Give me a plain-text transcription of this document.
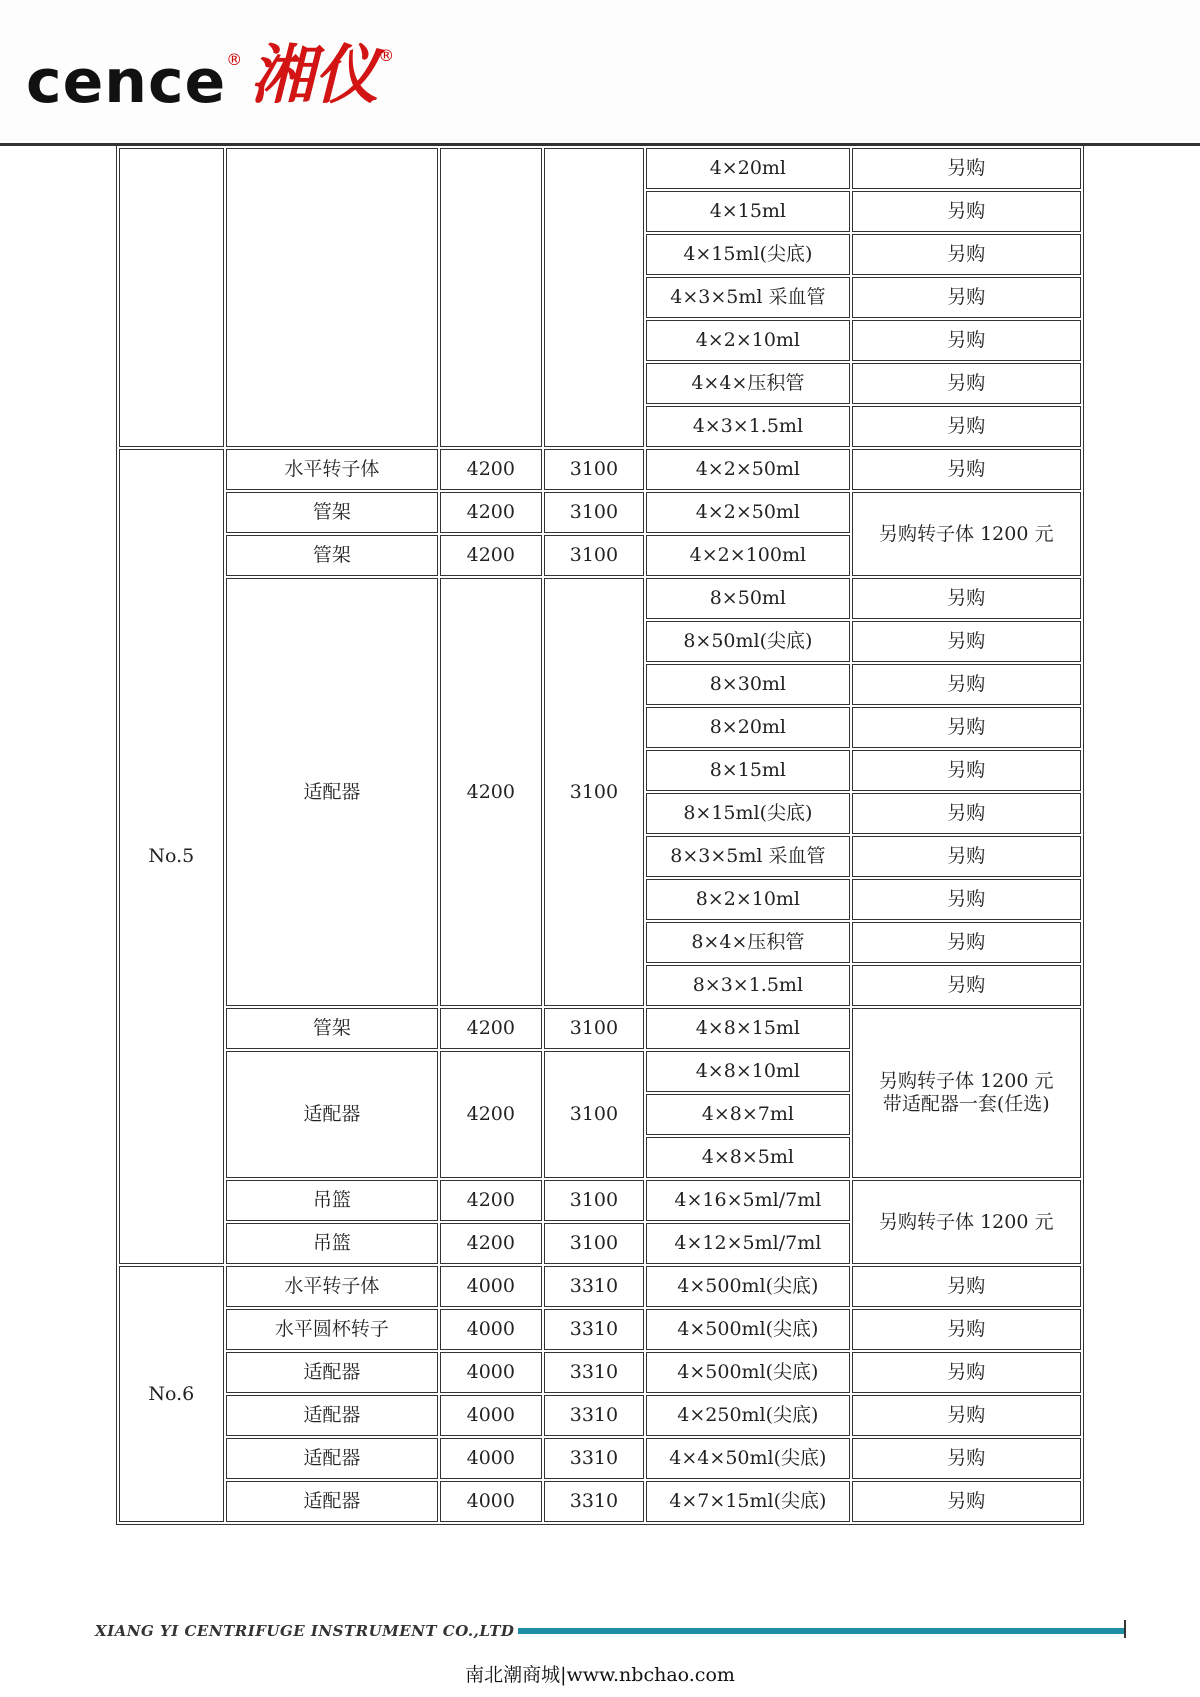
cence ® 湘仪 ®
				4×20ml	另购
				4×15ml	另购
				4×15ml(尖底)	另购
				4×3×5ml 采血管	另购
				4×2×10ml	另购
				4×4×压积管	另购
				4×3×1.5ml	另购
No.5	水平转子体	4200	3100	4×2×50ml	另购
	管架	4200	3100	4×2×50ml	另购转子体 1200 元
	管架	4200	3100	4×2×100ml	
	适配器	4200	3100	8×50ml	另购
				8×50ml(尖底)	另购
				8×30ml	另购
				8×20ml	另购
				8×15ml	另购
				8×15ml(尖底)	另购
				8×3×5ml 采血管	另购
				8×2×10ml	另购
				8×4×压积管	另购
				8×3×1.5ml	另购
	管架	4200	3100	4×8×15ml	另购转子体 1200 元
带适配器一套(任选)
	适配器	4200	3100	4×8×10ml	
				4×8×7ml	
				4×8×5ml	
	吊篮	4200	3100	4×16×5ml/7ml	另购转子体 1200 元
	吊篮	4200	3100	4×12×5ml/7ml	
No.6	水平转子体	4000	3310	4×500ml(尖底)	另购
	水平圆杯转子	4000	3310	4×500ml(尖底)	另购
	适配器	4000	3310	4×500ml(尖底)	另购
	适配器	4000	3310	4×250ml(尖底)	另购
	适配器	4000	3310	4×4×50ml(尖底)	另购
	适配器	4000	3310	4×7×15ml(尖底)	另购
XIANG YI CENTRIFUGE INSTRUMENT CO.,LTD
南北潮商城|www.nbchao.com
